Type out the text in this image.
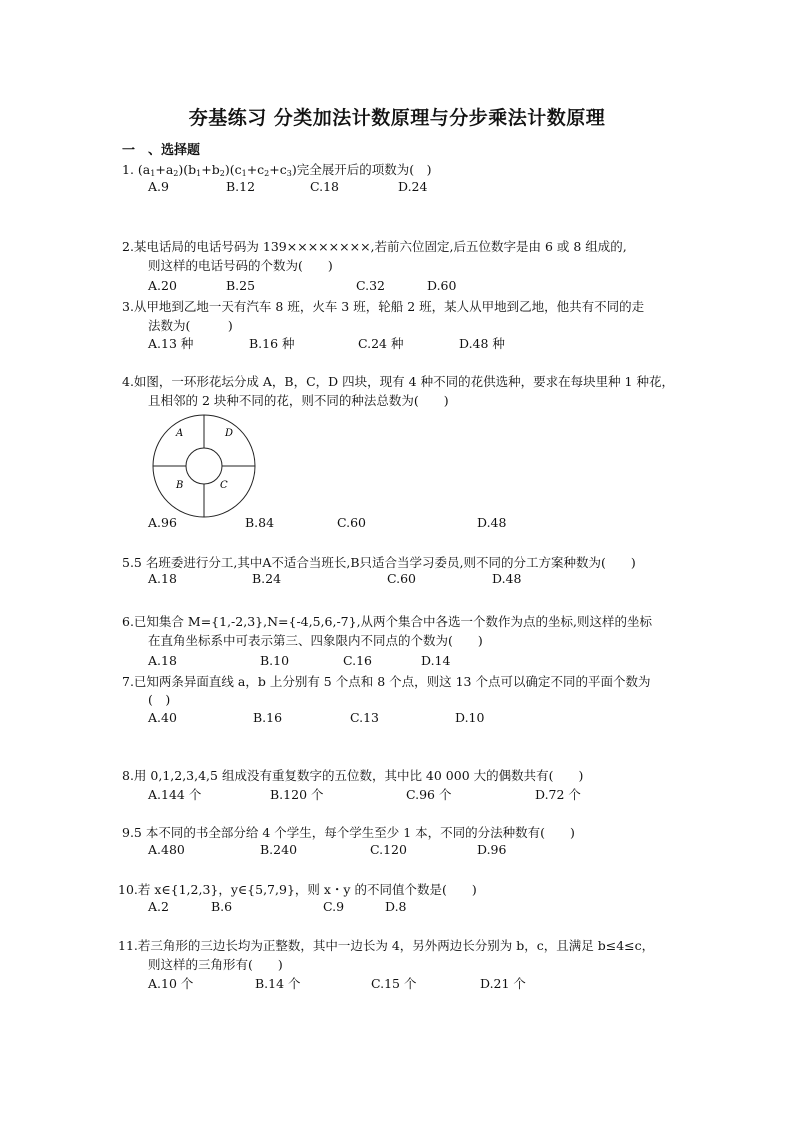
夯基练习 分类加法计数原理与分步乘法计数原理
一　、选择题
1. $(a_1+a_2)(b_1+b_2)(c_1+c_2+c_3)$完全展开后的项数为(　)
A.9	B.12	C.18	D.24
2.某电话局的电话号码为 139××××××××,若前六位固定,后五位数字是由 6 或 8 组成的,
则这样的电话号码的个数为(　　)
A.20	B.25	C.32	D.60
3.从甲地到乙地一天有汽车 8 班，火车 3 班，轮船 2 班，某人从甲地到乙地，他共有不同的走
法数为(　　　)
A.13 种	B.16 种	C.24 种	D.48 种
4.如图，一环形花坛分成 A，B，C，D 四块，现有 4 种不同的花供选种，要求在每块里种 1 种花，
且相邻的 2 块种不同的花，则不同的种法总数为(　　)
A	D
B	C
A.96	B.84	C.60	D.48
5.5 名班委进行分工,其中A不适合当班长,B只适合当学习委员,则不同的分工方案种数为(　　)
A.18	B.24	C.60	D.48
6.已知集合 M={1,-2,3},N={-4,5,6,-7},从两个集合中各选一个数作为点的坐标,则这样的坐标
在直角坐标系中可表示第三、四象限内不同点的个数为(　　)
A.18	B.10	C.16	D.14
7.已知两条异面直线 a，b 上分别有 5 个点和 8 个点，则这 13 个点可以确定不同的平面个数为
(　)
A.40	B.16	C.13	D.10
8.用 0,1,2,3,4,5 组成没有重复数字的五位数，其中比 40 000 大的偶数共有(　　)
A.144 个	B.120 个	C.96 个	D.72 个
9.5 本不同的书全部分给 4 个学生，每个学生至少 1 本，不同的分法种数有(　　)
A.480	B.240	C.120	D.96
10.若 x∈{1,2,3}，y∈{5,7,9}，则 x・y 的不同值个数是(　　)
A.2	B.6	C.9	D.8
11.若三角形的三边长均为正整数，其中一边长为 4，另外两边长分别为 b，c，且满足 b≤4≤c，
则这样的三角形有(　　)
A.10 个	B.14 个	C.15 个	D.21 个
